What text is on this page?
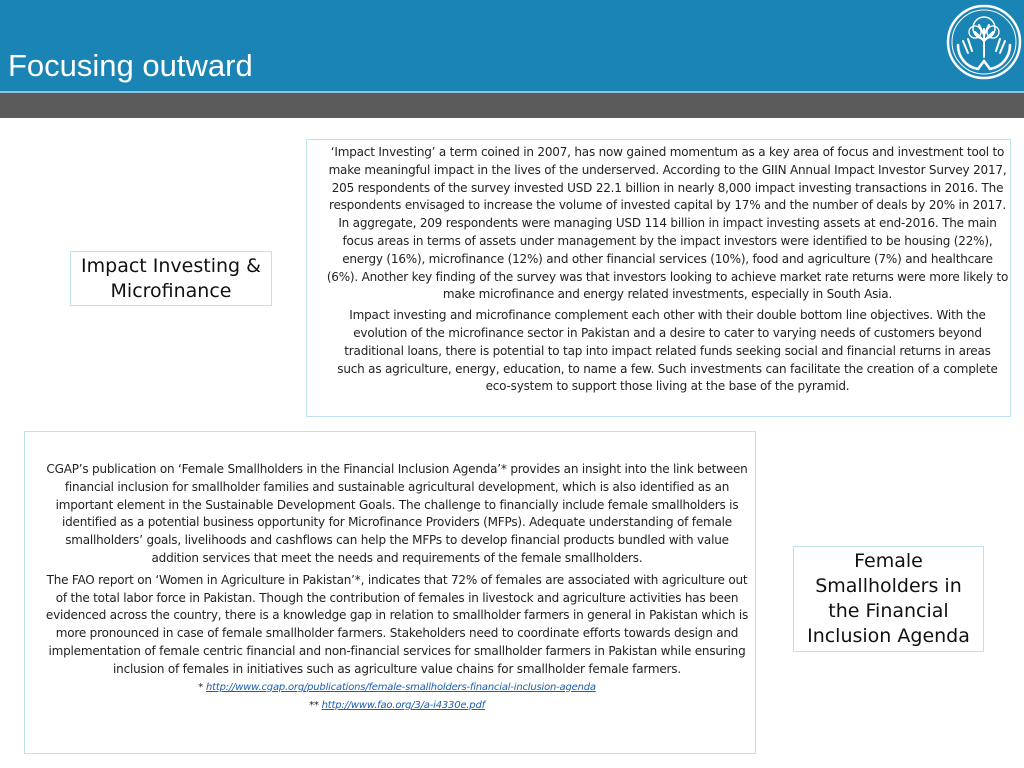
Focusing outward
Impact Investing & Microfinance

‘Impact Investing’ a term coined in 2007, has now gained momentum as a key area of focus and investment tool to make meaningful impact in the lives of the underserved. According to the GIIN Annual Impact Investor Survey 2017, 205 respondents of the survey invested USD 22.1 billion in nearly 8,000 impact investing transactions in 2016. The respondents envisaged to increase the volume of invested capital by 17% and the number of deals by 20% in 2017. In aggregate, 209 respondents were managing USD 114 billion in impact investing assets at end-2016. The main focus areas in terms of assets under management by the impact investors were identified to be housing (22%), energy (16%), microfinance (12%) and other financial services (10%), food and agriculture (7%) and healthcare (6%). Another key finding of the survey was that investors looking to achieve market rate returns were more likely to make microfinance and energy related investments, especially in South Asia.

Impact investing and microfinance complement each other with their double bottom line objectives. With the evolution of the microfinance sector in Pakistan and a desire to cater to varying needs of customers beyond traditional loans, there is potential to tap into impact related funds seeking social and financial returns in areas such as agriculture, energy, education, to name a few. Such investments can facilitate the creation of a complete eco-system to support those living at the base of the pyramid.

CGAP’s publication on ‘Female Smallholders in the Financial Inclusion Agenda’* provides an insight into the link between financial inclusion for smallholder families and sustainable agricultural development, which is also identified as an important element in the Sustainable Development Goals. The challenge to financially include female smallholders is identified as a potential business opportunity for Microfinance Providers (MFPs). Adequate understanding of female smallholders’ goals, livelihoods and cashflows can help the MFPs to develop financial products bundled with value addition services that meet the needs and requirements of the female smallholders.

The FAO report on ‘Women in Agriculture in Pakistan’*, indicates that 72% of females are associated with agriculture out of the total labor force in Pakistan. Though the contribution of females in livestock and agriculture activities has been evidenced across the country, there is a knowledge gap in relation to smallholder farmers in general in Pakistan which is more pronounced in case of female smallholder farmers. Stakeholders need to coordinate efforts towards design and implementation of female centric financial and non-financial services for smallholder farmers in Pakistan while ensuring inclusion of females in initiatives such as agriculture value chains for smallholder female farmers.

* http://www.cgap.org/publications/female-smallholders-financial-inclusion-agenda

** http://www.fao.org/3/a-i4330e.pdf

Female Smallholders in the Financial Inclusion Agenda
